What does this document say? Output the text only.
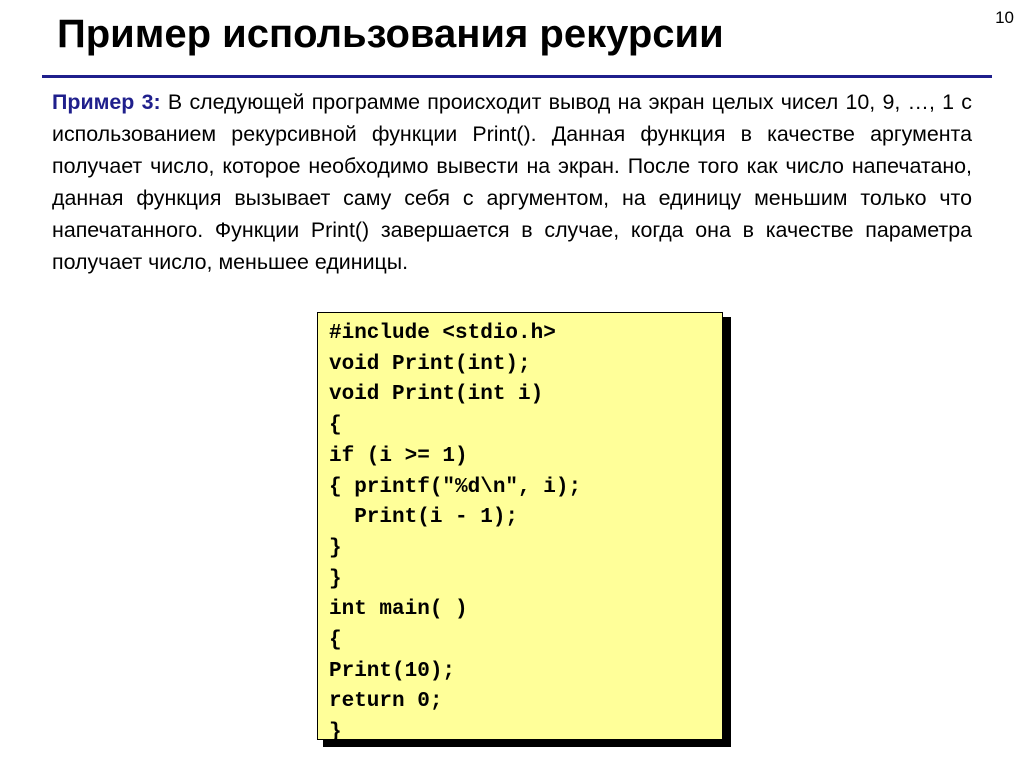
10
Пример использования рекурсии

Пример 3: В следующей программе происходит вывод на экран целых чисел 10, 9, …, 1 с использованием рекурсивной функции Print(). Данная функция в качестве аргумента получает число, которое необходимо вывести на экран. После того как число напечатано, данная функция вызывает саму себя с аргументом, на единицу меньшим только что напечатанного. Функции Print() завершается в случае, когда она в качестве параметра получает число, меньшее единицы.

#include <stdio.h>
void Print(int);
void Print(int i)
{
if (i >= 1)
{ printf("%d\n", i);
Print(i - 1);
}
}
int main( )
{
Print(10);
return 0;
}
